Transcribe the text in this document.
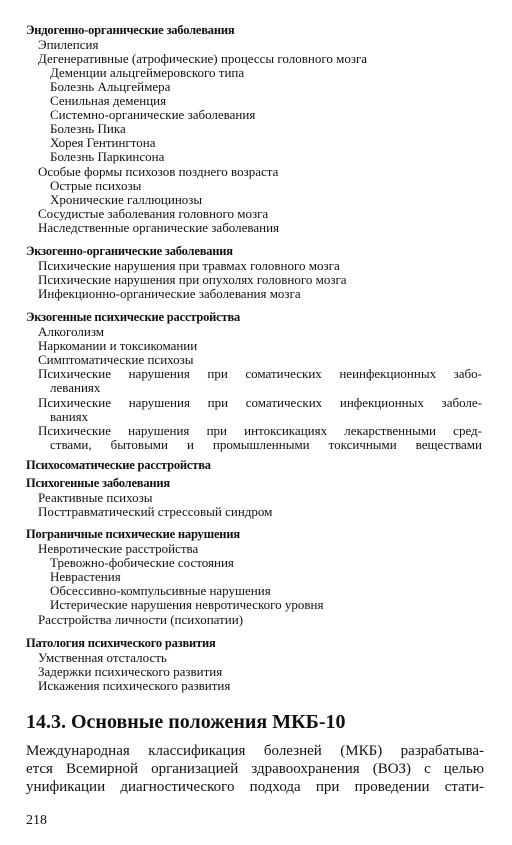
Эндогенно-органические заболевания
Эпилепсия
Дегенеративные (атрофические) процессы головного мозга
Деменции альцгеймеровского типа
Болезнь Альцгеймера
Сенильная деменция
Системно-органические заболевания
Болезнь Пика
Хорея Гентингтона
Болезнь Паркинсона
Особые формы психозов позднего возраста
Острые психозы
Хронические галлюцинозы
Сосудистые заболевания головного мозга
Наследственные органические заболевания
Экзогенно-органические заболевания
Психические нарушения при травмах головного мозга
Психические нарушения при опухолях головного мозга
Инфекционно-органические заболевания мозга
Экзогенные психические расстройства
Алкоголизм
Наркомании и токсикомании
Симптоматические психозы
Психические нарушения при соматических неинфекционных забо-
леваниях
Психические нарушения при соматических инфекционных заболе-
ваниях
Психические нарушения при интоксикациях лекарственными сред-
ствами, бытовыми и промышленными токсичными веществами
Психосоматические расстройства
Психогенные заболевания
Реактивные психозы
Посттравматический стрессовый синдром
Пограничные психические нарушения
Невротические расстройства
Тревожно-фобические состояния
Неврастения
Обсессивно-компульсивные нарушения
Истерические нарушения невротического уровня
Расстройства личности (психопатии)
Патология психического развития
Умственная отсталость
Задержки психического развития
Искажения психического развития
14.3. Основные положения МКБ-10
Международная классификация болезней (МКБ) разрабатыва-
ется Всемирной организацией здравоохранения (ВОЗ) с целью
унификации диагностического подхода при проведении стати-
218
